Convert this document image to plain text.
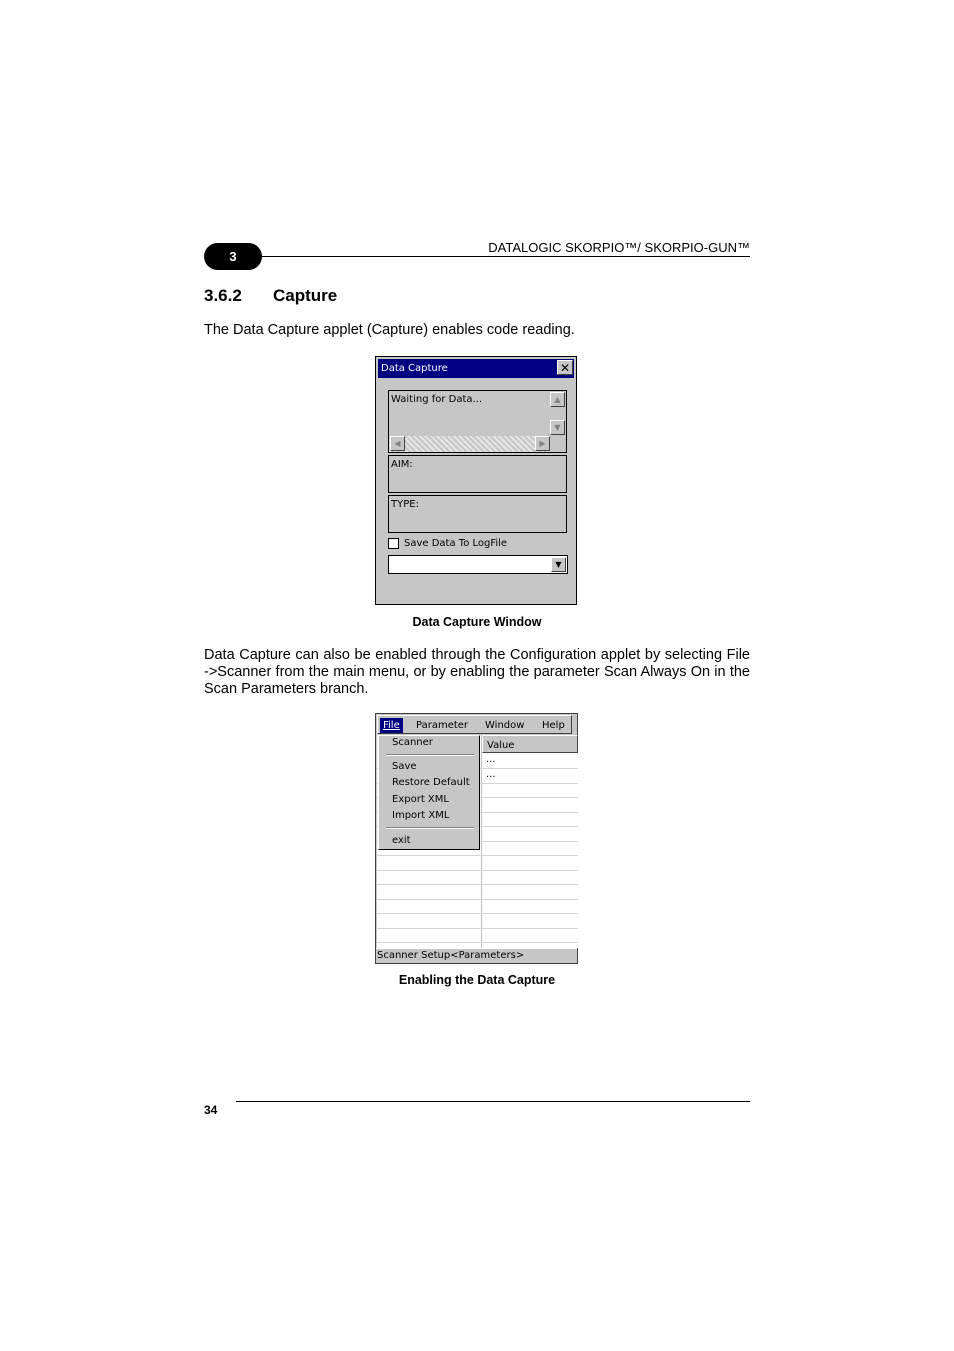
3
DATALOGIC SKORPIO™/ SKORPIO-GUN™
3.6.2 Capture
The Data Capture applet (Capture) enables code reading.
Data Capture	✕
Waiting for Data...	▲
▼
◀	▶
AIM:
TYPE:
Save Data To LogFile
▼
Data Capture Window
Data Capture can also be enabled through the Configuration applet by selecting File ->Scanner from the main menu, or by enabling the parameter Scan Always On in the Scan Parameters branch.
File	Parameter	Window	Help
Value
...
...
Scanner
Save
Restore Default
Export XML
Import XML
exit
Scanner Setup<Parameters>
Enabling the Data Capture
34
